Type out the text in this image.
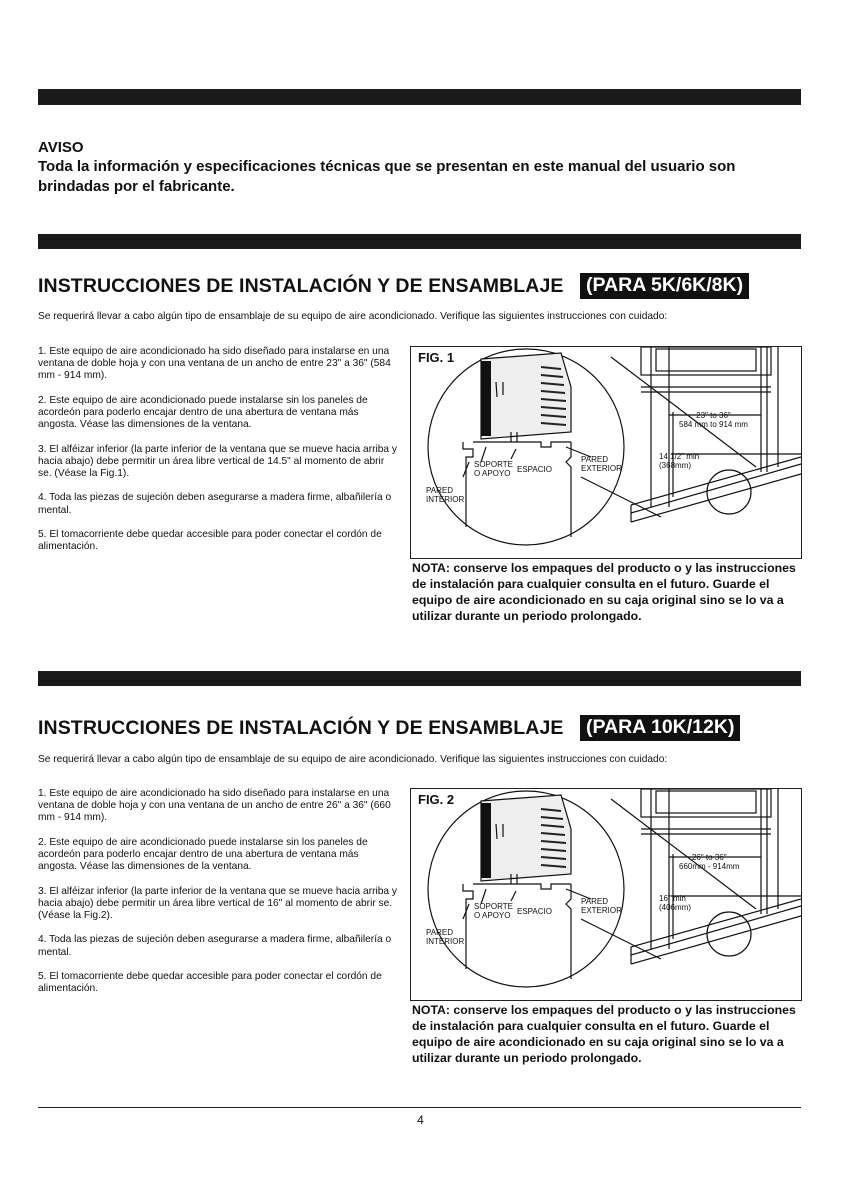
AVISO
Toda la información y especificaciones técnicas que se presentan en este manual del usuario son brindadas por el fabricante.
INSTRUCCIONES DE INSTALACIÓN Y DE ENSAMBLAJE	(PARA 5K/6K/8K)
Se requerirá llevar a cabo algún tipo de ensamblaje de su equipo de aire acondicionado. Verifique las siguientes instrucciones con cuidado:

1. Este equipo de aire acondicionado ha sido diseñado para instalarse en una ventana de doble hoja y con una ventana de un ancho de entre 23" a 36" (584 mm - 914 mm).

2. Este equipo de aire acondicionado puede instalarse sin los paneles de acordeón para poderlo encajar dentro de una abertura de ventana más angosta. Véase las dimensiones de la ventana.

3. El alféizar inferior (la parte inferior de la ventana que se mueve hacia arriba y hacia abajo) debe permitir un área libre vertical de 14.5" al momento de abrir se. (Véase la Fig.1).

4. Toda las piezas de sujeción deben asegurarse a madera firme, albañilería o mental.

5. El tomacorriente debe quedar accesible para poder conectar el cordón de alimentación.

FIG. 1
SOPORTE
O APOYO ESPACIO
PARED
EXTERIOR
PARED
INTERIOR
23" to 36"
584 mm to 914 mm
14 1/2" min
(368mm)
NOTA: conserve los empaques del producto o y las instrucciones de instalación para cualquier consulta en el futuro. Guarde el equipo de aire acondicionado en su caja original sino se lo va a utilizar durante un periodo prolongado.
INSTRUCCIONES DE INSTALACIÓN Y DE ENSAMBLAJE	(PARA 10K/12K)
Se requerirá llevar a cabo algún tipo de ensamblaje de su equipo de aire acondicionado. Verifique las siguientes instrucciones con cuidado:

1. Este equipo de aire acondicionado ha sido diseñado para instalarse en una ventana de doble hoja y con una ventana de un ancho de entre 26" a 36" (660 mm - 914 mm).

2. Este equipo de aire acondicionado puede instalarse sin los paneles de acordeón para poderlo encajar dentro de una abertura de ventana más angosta. Véase las dimensiones de la ventana.

3. El alféizar inferior (la parte inferior de la ventana que se mueve hacia arriba y hacia abajo) debe permitir un área libre vertical de 16" al momento de abrir se. (Véase la Fig.2).

4. Toda las piezas de sujeción deben asegurarse a madera firme, albañilería o mental.

5. El tomacorriente debe quedar accesible para poder conectar el cordón de alimentación.

FIG. 2
SOPORTE
O APOYO ESPACIO
PARED
EXTERIOR
PARED
INTERIOR
26" to 36"
660mm - 914mm
16" min
(406mm)
NOTA: conserve los empaques del producto o y las instrucciones de instalación para cualquier consulta en el futuro. Guarde el equipo de aire acondicionado en su caja original sino se lo va a utilizar durante un periodo prolongado.
4
